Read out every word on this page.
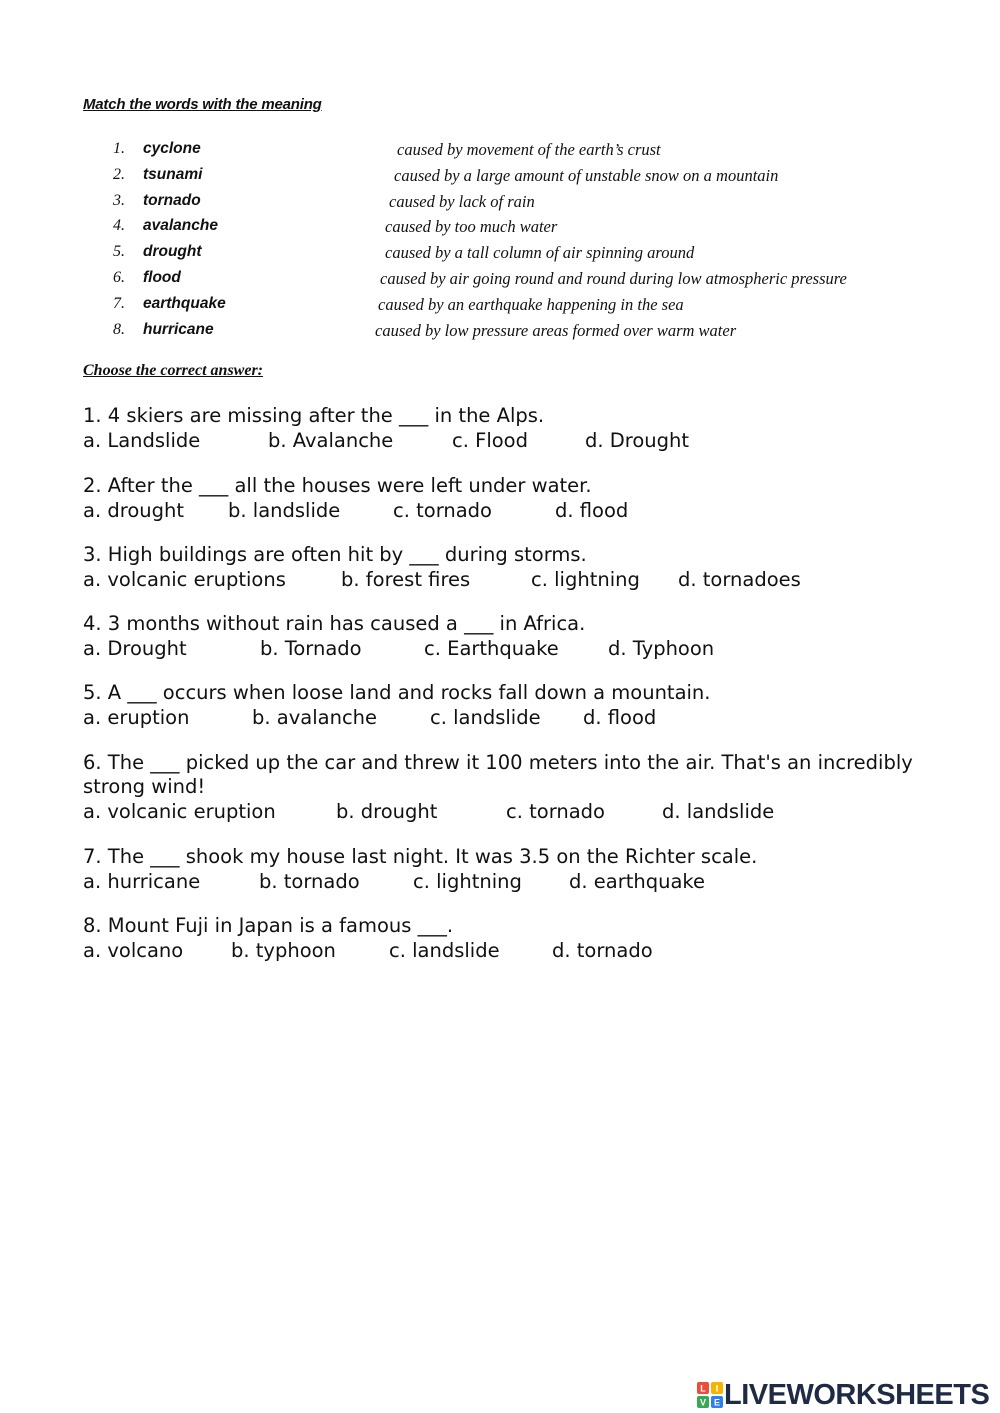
Match the words with the meaning
1. cyclone	caused by movement of the earth’s crust
2. tsunami	caused by a large amount of unstable snow on a mountain
3. tornado	caused by lack of rain
4. avalanche	caused by too much water
5. drought	caused by a tall column of air spinning around
6. flood	caused by air going round and round during low atmospheric pressure
7. earthquake	caused by an earthquake happening in the sea
8. hurricane	caused by low pressure areas formed over warm water
Choose the correct answer:

1. 4 skiers are missing after the ___ in the Alps.

a. Landslide	b. Avalanche	c. Flood	d. Drought

2. After the ___ all the houses were left under water.

a. drought b. landslide	c. tornado	d. flood

3. High buildings are often hit by ___ during storms.

a. volcanic eruptions	b. forest fires	c. lightning d. tornadoes

4. 3 months without rain has caused a ___ in Africa.

a. Drought	b. Tornado	c. Earthquake	d. Typhoon

5. A ___ occurs when loose land and rocks fall down a mountain.

a. eruption	b. avalanche	c. landslide d. flood

6. The ___ picked up the car and threw it 100 meters into the air. That's an incredibly strong wind!

a. volcanic eruption	b. drought	c. tornado	d. landslide

7. The ___ shook my house last night. It was 3.5 on the Richter scale.

a. hurricane	b. tornado	c. lightning d. earthquake

8. Mount Fuji in Japan is a famous ___.

a. volcano b. typhoon	c. landslide	d. tornado
L I
V E LIVEWORKSHEETS
